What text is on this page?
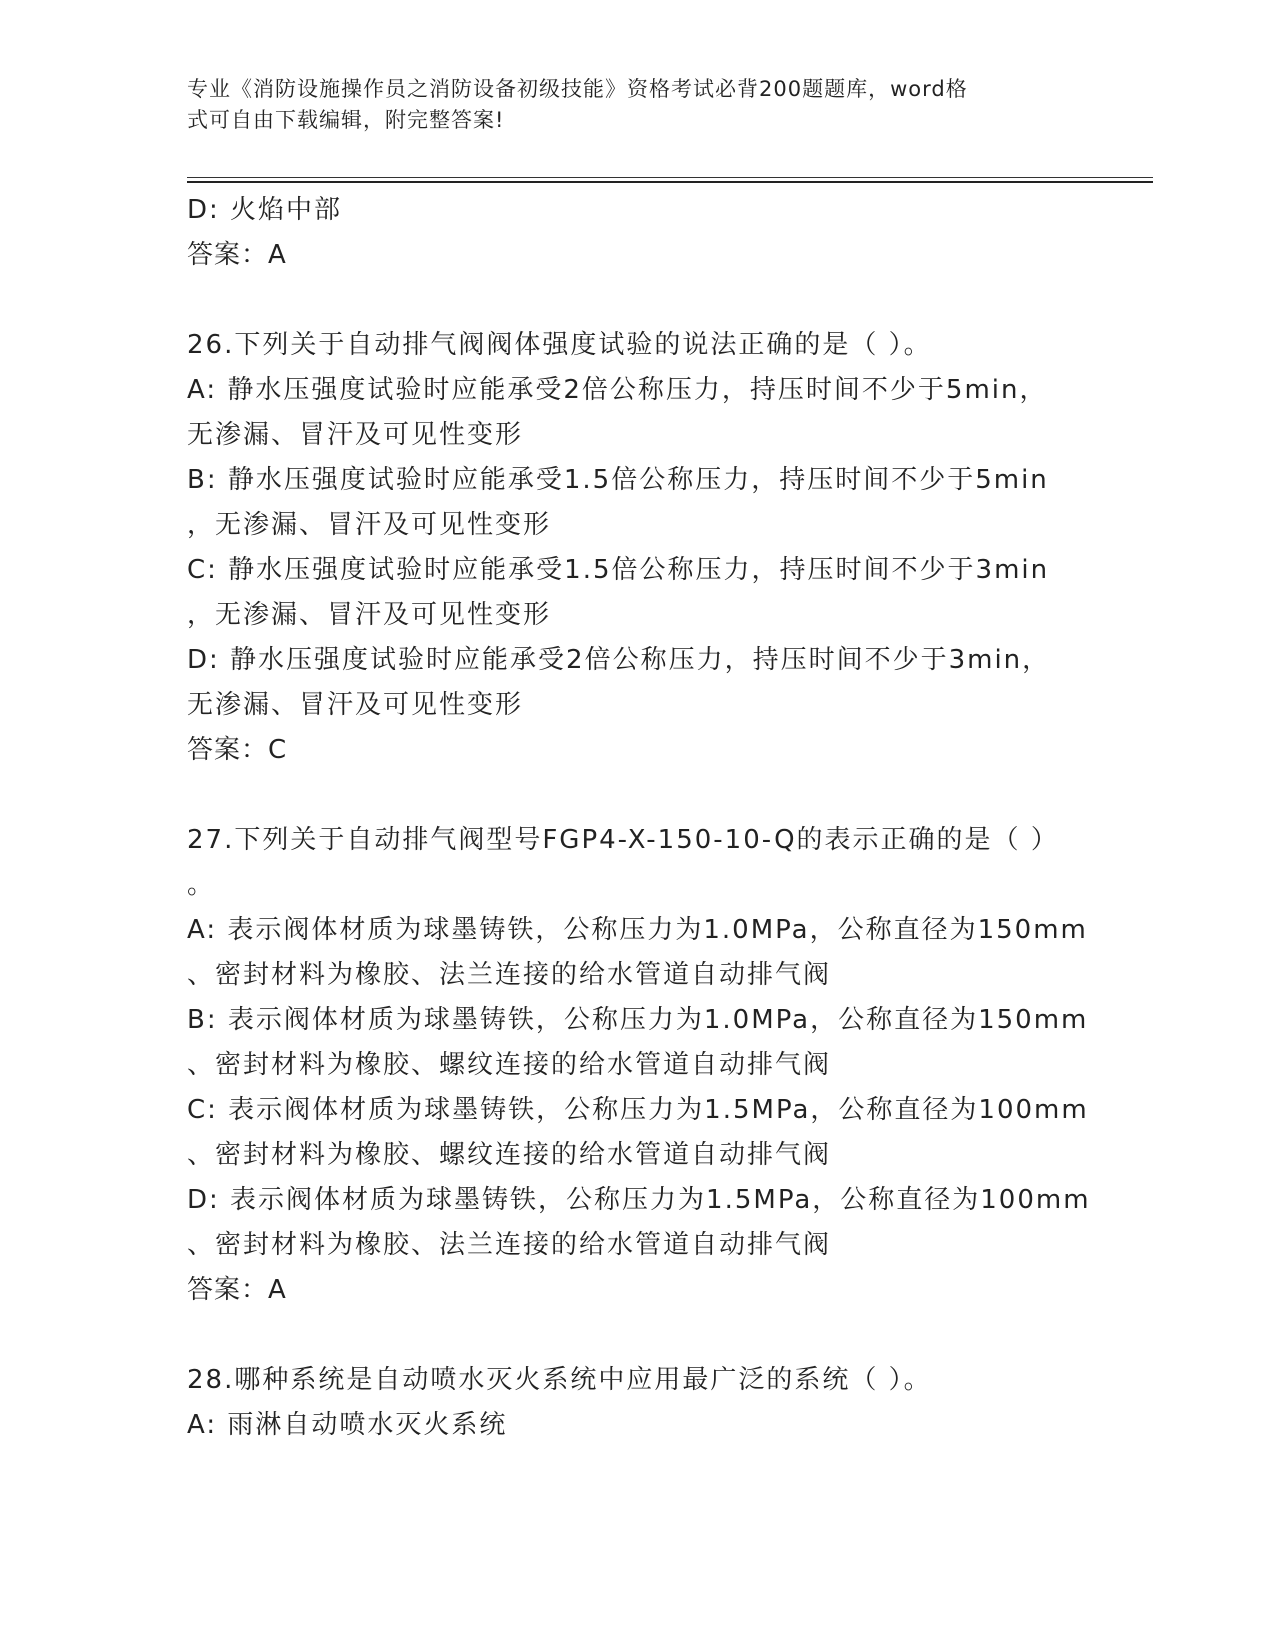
专业《消防设施操作员之消防设备初级技能》资格考试必背200题题库，word格
式可自由下载编辑，附完整答案!
D: 火焰中部
答案：A
26.下列关于自动排气阀阀体强度试验的说法正确的是（ ）。
A: 静水压强度试验时应能承受2倍公称压力，持压时间不少于5min，
无渗漏、冒汗及可见性变形
B: 静水压强度试验时应能承受1.5倍公称压力，持压时间不少于5min
，无渗漏、冒汗及可见性变形
C: 静水压强度试验时应能承受1.5倍公称压力，持压时间不少于3min
，无渗漏、冒汗及可见性变形
D: 静水压强度试验时应能承受2倍公称压力，持压时间不少于3min，
无渗漏、冒汗及可见性变形
答案：C
27.下列关于自动排气阀型号FGP4-X-150-10-Q的表示正确的是（ ）
。
A: 表示阀体材质为球墨铸铁，公称压力为1.0MPa，公称直径为150mm
、密封材料为橡胶、法兰连接的给水管道自动排气阀
B: 表示阀体材质为球墨铸铁，公称压力为1.0MPa，公称直径为150mm
、密封材料为橡胶、螺纹连接的给水管道自动排气阀
C: 表示阀体材质为球墨铸铁，公称压力为1.5MPa，公称直径为100mm
、密封材料为橡胶、螺纹连接的给水管道自动排气阀
D: 表示阀体材质为球墨铸铁，公称压力为1.5MPa，公称直径为100mm
、密封材料为橡胶、法兰连接的给水管道自动排气阀
答案：A
28.哪种系统是自动喷水灭火系统中应用最广泛的系统（ ）。
A: 雨淋自动喷水灭火系统
